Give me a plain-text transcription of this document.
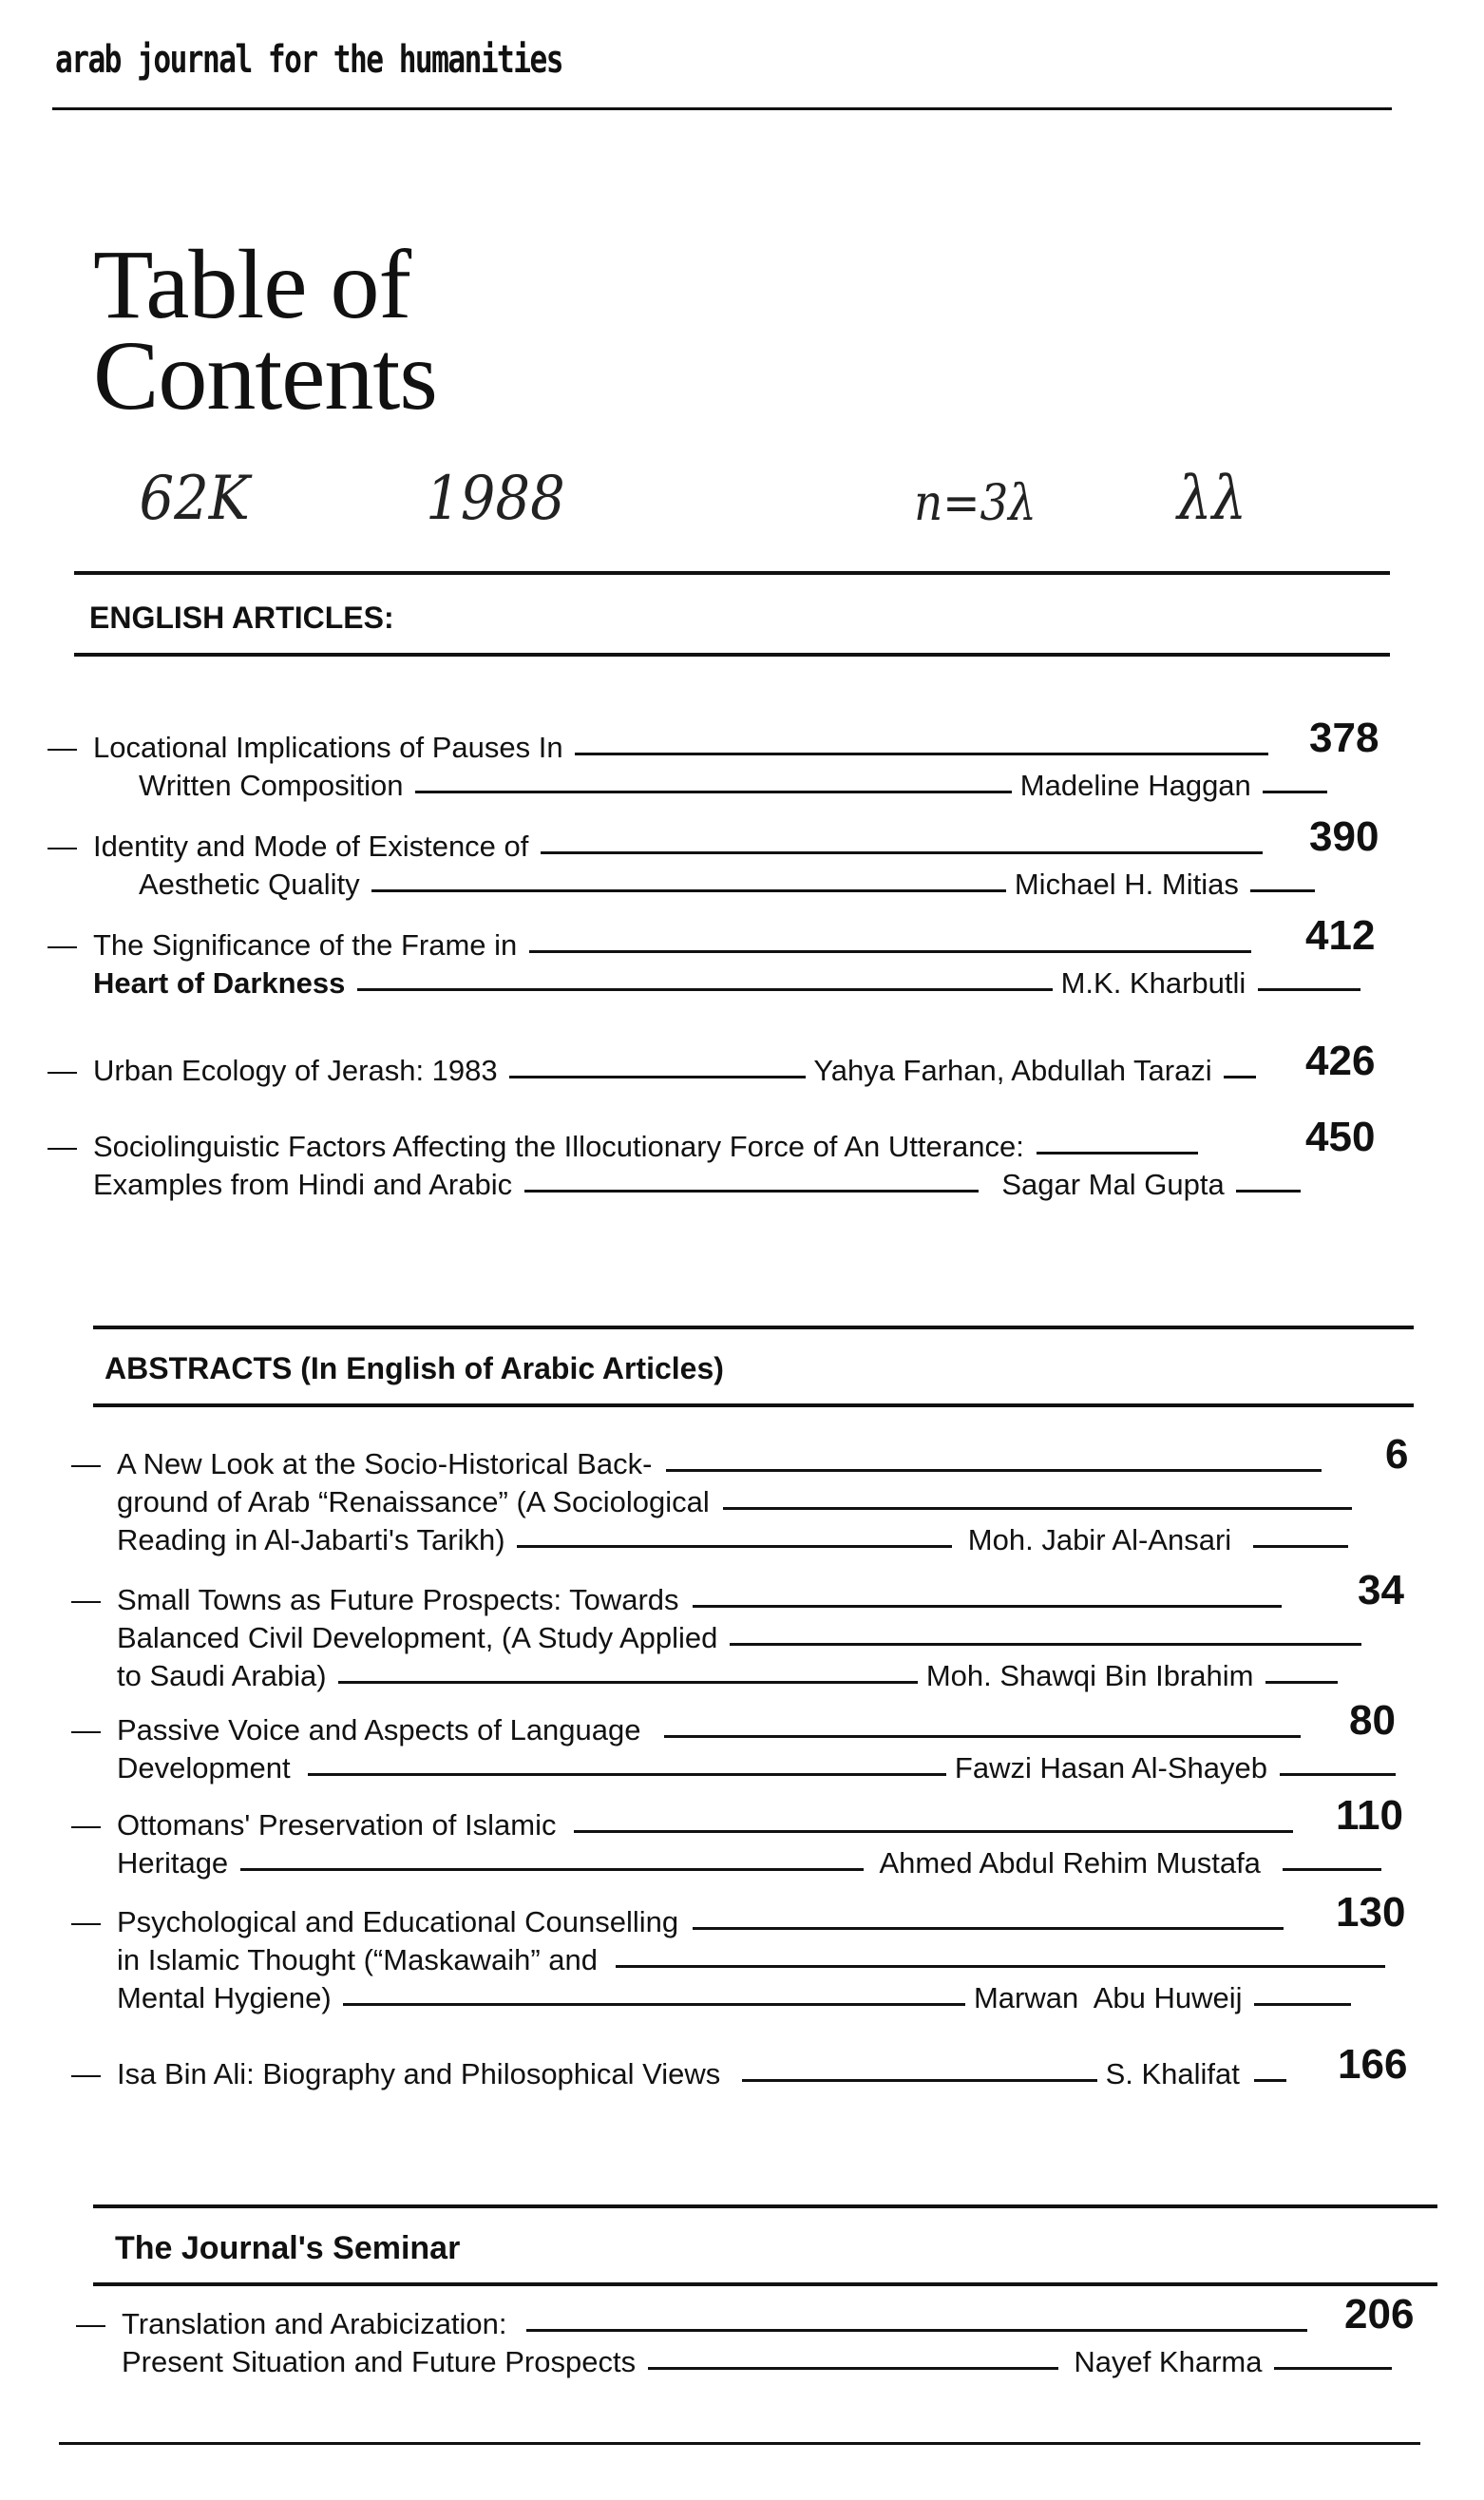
arab journal for the humanities
Table of
Contents
62K	1988	n=3λ λλ
ENGLISH ARTICLES:
— Locational Implications of Pauses In	378
Written Composition	Madeline Haggan
— Identity and Mode of Existence of	390
Aesthetic Quality	Michael H. Mitias
— The Significance of the Frame in	412
Heart of Darkness	M.K. Kharbutli
— Urban Ecology of Jerash: 1983	Yahya Farhan, Abdullah Tarazi 426
— Sociolinguistic Factors Affecting the Illocutionary Force of An Utterance:	450
Examples from Hindi and Arabic	Sagar Mal Gupta
ABSTRACTS (In English of Arabic Articles)
— A New Look at the Socio-Historical Back-	6
ground of Arab “Renaissance” (A Sociological
Reading in Al-Jabarti's Tarikh)	Moh. Jabir Al-Ansari
— Small Towns as Future Prospects: Towards	34
Balanced Civil Development, (A Study Applied
to Saudi Arabia)	Moh. Shawqi Bin Ibrahim
— Passive Voice and Aspects of Language	80
Development	Fawzi Hasan Al-Shayeb
— Ottomans' Preservation of Islamic	110
Heritage	Ahmed Abdul Rehim Mustafa
— Psychological and Educational Counselling	130
in Islamic Thought (“Maskawaih” and
Mental Hygiene)	Marwan  Abu Huweij
— Isa Bin Ali: Biography and Philosophical Views	S. Khalifat 166
The Journal's Seminar
— Translation and Arabicization:	206
Present Situation and Future Prospects	Nayef Kharma
